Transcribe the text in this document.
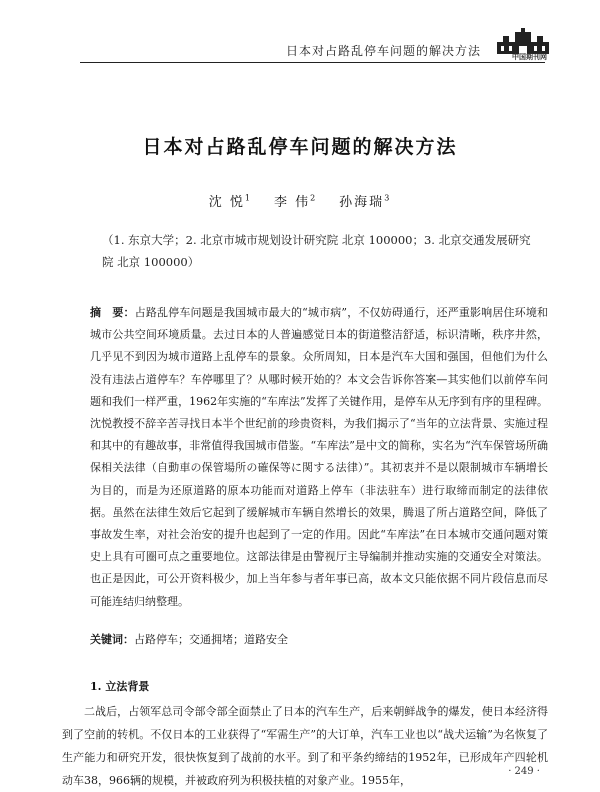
日本对占路乱停车问题的解决方法	中国期刊网
日本对占路乱停车问题的解决方法
沈 悦$^1$ 李 伟$^2$ 孙海瑞$^3$
（1. 东京大学；2. 北京市城市规划设计研究院 北京 100000；3. 北京交通发展研究院 北京 100000）
摘　要：占路乱停车问题是我国城市最大的“城市病”，不仅妨碍通行，还严重影响居住环境和城市公共空间环境质量。去过日本的人普遍感觉日本的街道整洁舒适，标识清晰，秩序井然，几乎见不到因为城市道路上乱停车的景象。众所周知，日本是汽车大国和强国，但他们为什么没有违法占道停车？车停哪里了？从哪时候开始的？本文会告诉你答案—其实他们以前停车问题和我们一样严重，1962年实施的“车库法”发挥了关键作用，是停车从无序到有序的里程碑。沈悦教授不辞辛苦寻找日本半个世纪前的珍贵资料，为我们揭示了“当年的立法背景、实施过程和其中的有趣故事，非常值得我国城市借鉴。“车库法”是中文的简称，实名为“汽车保管场所确保相关法律（自動車の保管場所の確保等に関する法律）”。其初衷并不是以限制城市车辆增长为目的，而是为还原道路的原本功能而对道路上停车（非法驻车）进行取缔而制定的法律依据。虽然在法律生效后它起到了缓解城市车辆自然增长的效果，腾退了所占道路空间，降低了事故发生率，对社会治安的提升也起到了一定的作用。因此“车库法”在日本城市交通问题对策史上具有可圈可点之重要地位。这部法律是由警视厅主导编制并推动实施的交通安全对策法。也正是因此，可公开资料极少，加上当年参与者年事已高，故本文只能依据不同片段信息而尽可能连结归纳整理。
关键词：占路停车；交通拥堵；道路安全
1. 立法背景
二战后，占领军总司令部令部全面禁止了日本的汽车生产，后来朝鲜战争的爆发，使日本经济得到了空前的转机。不仅日本的工业获得了“军需生产”的大订单，汽车工业也以“战犬运输”为名恢复了生产能力和研究开发，很快恢复到了战前的水平。到了和平条约缔结的1952年，已形成年产四轮机动车38，966辆的规模，并被政府列为积极扶植的对象产业。1955年，
· 249 ·
